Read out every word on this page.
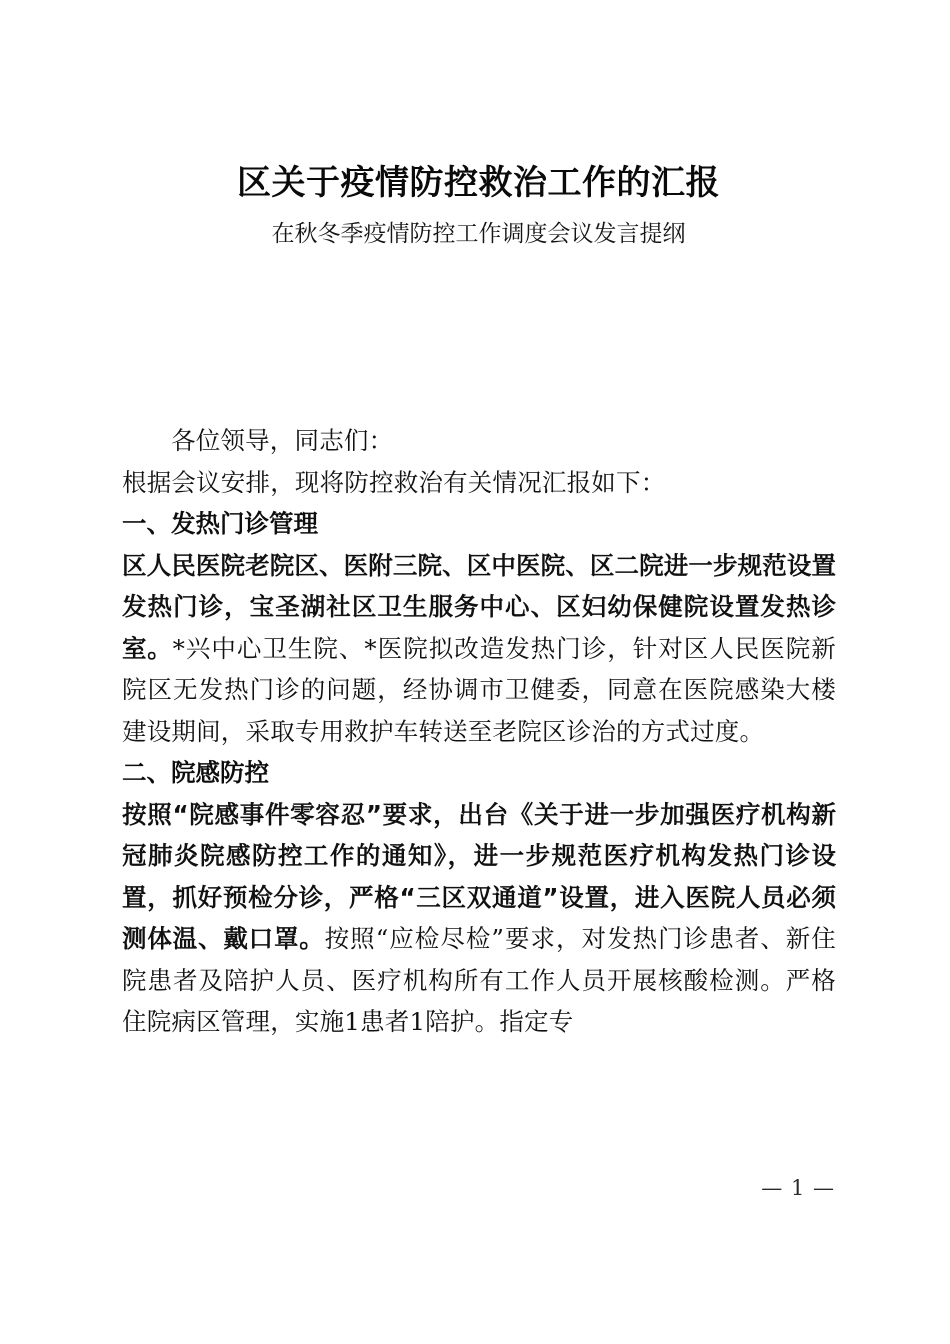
区关于疫情防控救治工作的汇报
在秋冬季疫情防控工作调度会议发言提纲

各位领导，同志们：

根据会议安排，现将防控救治有关情况汇报如下：

一、发热门诊管理

区人民医院老院区、医附三院、区中医院、区二院进一步规范设置发热门诊，宝圣湖社区卫生服务中心、区妇幼保健院设置发热诊室。*兴中心卫生院、*医院拟改造发热门诊，针对区人民医院新院区无发热门诊的问题，经协调市卫健委，同意在医院感染大楼建设期间，采取专用救护车转送至老院区诊治的方式过度。

二、院感防控

按照“院感事件零容忍”要求，出台《关于进一步加强医疗机构新冠肺炎院感防控工作的通知》，进一步规范医疗机构发热门诊设置，抓好预检分诊，严格“三区双通道”设置，进入医院人员必须测体温、戴口罩。按照“应检尽检”要求，对发热门诊患者、新住院患者及陪护人员、医疗机构所有工作人员开展核酸检测。严格住院病区管理，实施1患者1陪护。指定专

— 1 —
